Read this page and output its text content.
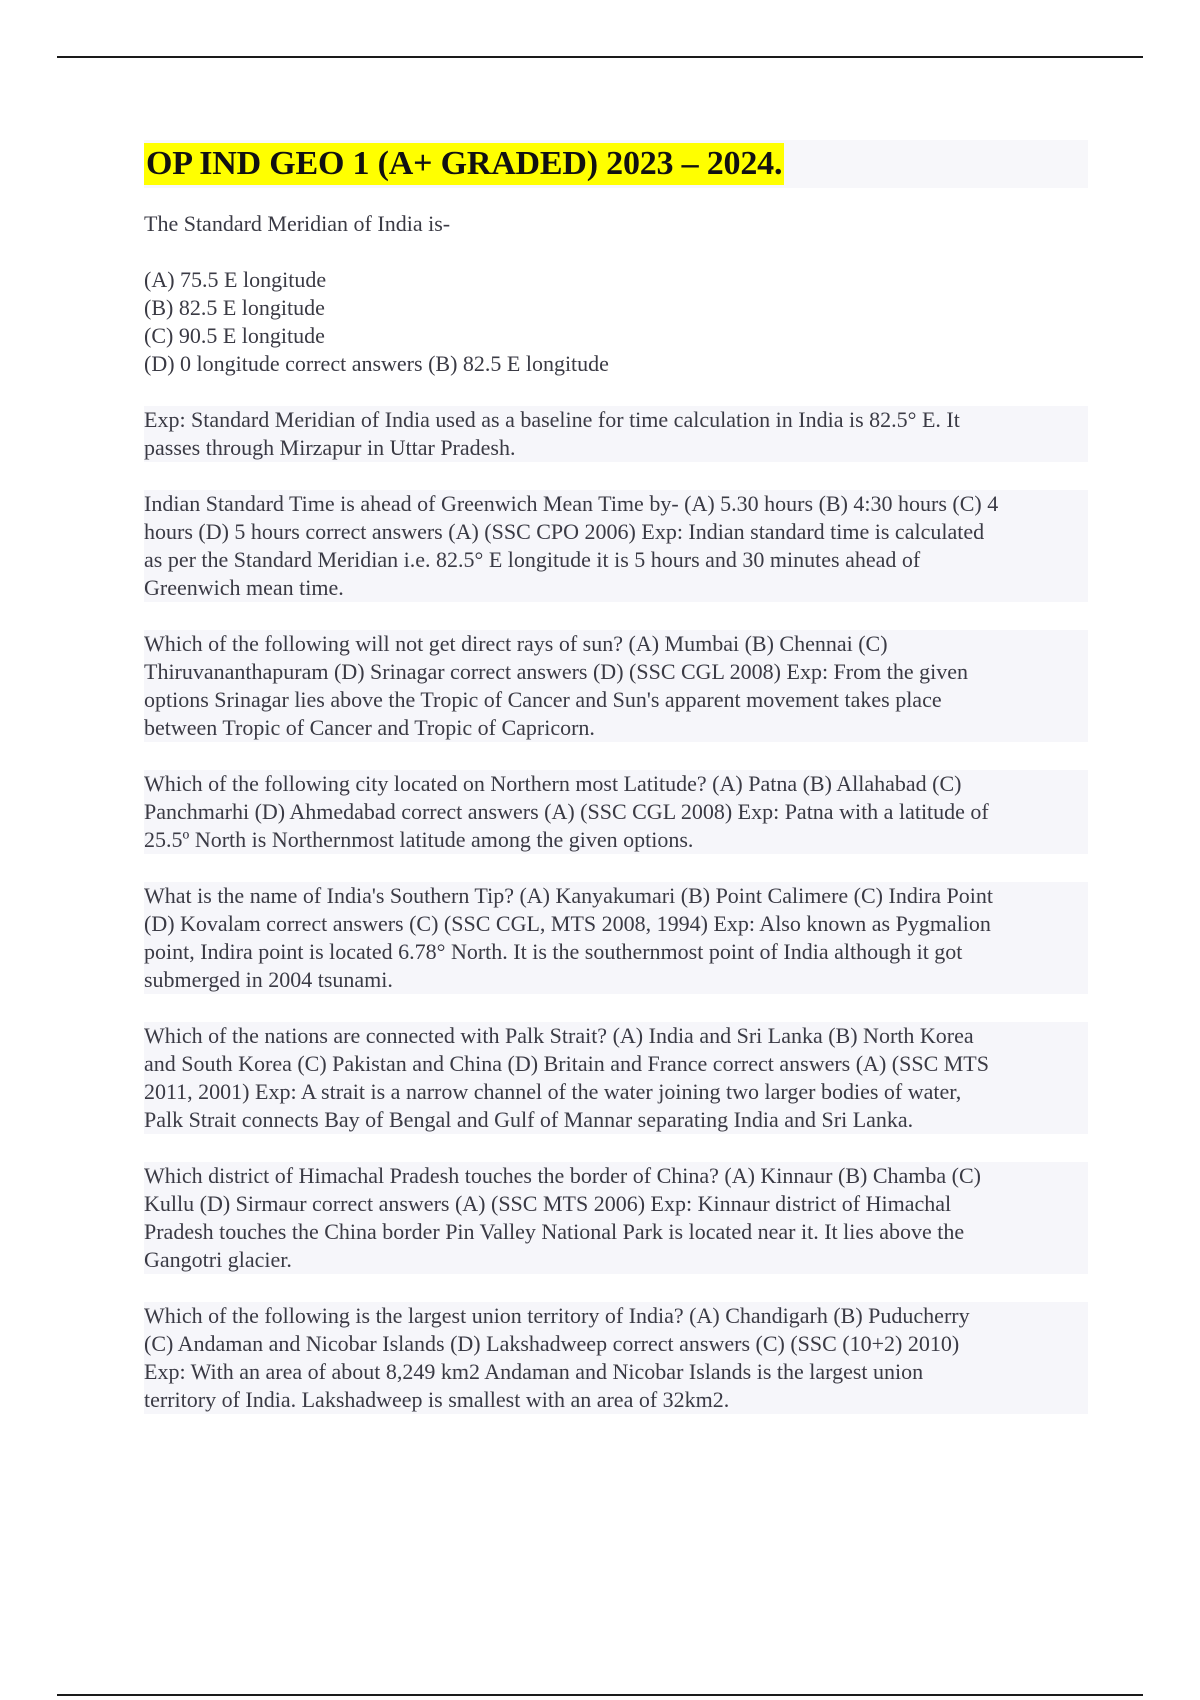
OP IND GEO 1 (A+ GRADED) 2023 – 2024.
The Standard Meridian of India is-
(A) 75.5 E longitude
(B) 82.5 E longitude
(C) 90.5 E longitude
(D) 0 longitude correct answers (B) 82.5 E longitude
Exp: Standard Meridian of India used as a baseline for time calculation in India is 82.5° E. It
passes through Mirzapur in Uttar Pradesh.
Indian Standard Time is ahead of Greenwich Mean Time by- (A) 5.30 hours (B) 4:30 hours (C) 4
hours (D) 5 hours correct answers (A) (SSC CPO 2006) Exp: Indian standard time is calculated
as per the Standard Meridian i.e. 82.5° E longitude it is 5 hours and 30 minutes ahead of
Greenwich mean time.
Which of the following will not get direct rays of sun? (A) Mumbai (B) Chennai (C)
Thiruvananthapuram (D) Srinagar correct answers (D) (SSC CGL 2008) Exp: From the given
options Srinagar lies above the Tropic of Cancer and Sun's apparent movement takes place
between Tropic of Cancer and Tropic of Capricorn.
Which of the following city located on Northern most Latitude? (A) Patna (B) Allahabad (C)
Panchmarhi (D) Ahmedabad correct answers (A) (SSC CGL 2008) Exp: Patna with a latitude of
25.5º North is Northernmost latitude among the given options.
What is the name of India's Southern Tip? (A) Kanyakumari (B) Point Calimere (C) Indira Point
(D) Kovalam correct answers (C) (SSC CGL, MTS 2008, 1994) Exp: Also known as Pygmalion
point, Indira point is located 6.78° North. It is the southernmost point of India although it got
submerged in 2004 tsunami.
Which of the nations are connected with Palk Strait? (A) India and Sri Lanka (B) North Korea
and South Korea (C) Pakistan and China (D) Britain and France correct answers (A) (SSC MTS
2011, 2001) Exp: A strait is a narrow channel of the water joining two larger bodies of water,
Palk Strait connects Bay of Bengal and Gulf of Mannar separating India and Sri Lanka.
Which district of Himachal Pradesh touches the border of China? (A) Kinnaur (B) Chamba (C)
Kullu (D) Sirmaur correct answers (A) (SSC MTS 2006) Exp: Kinnaur district of Himachal
Pradesh touches the China border Pin Valley National Park is located near it. It lies above the
Gangotri glacier.
Which of the following is the largest union territory of India? (A) Chandigarh (B) Puducherry
(C) Andaman and Nicobar Islands (D) Lakshadweep correct answers (C) (SSC (10+2) 2010)
Exp: With an area of about 8,249 km2 Andaman and Nicobar Islands is the largest union
territory of India. Lakshadweep is smallest with an area of 32km2.
